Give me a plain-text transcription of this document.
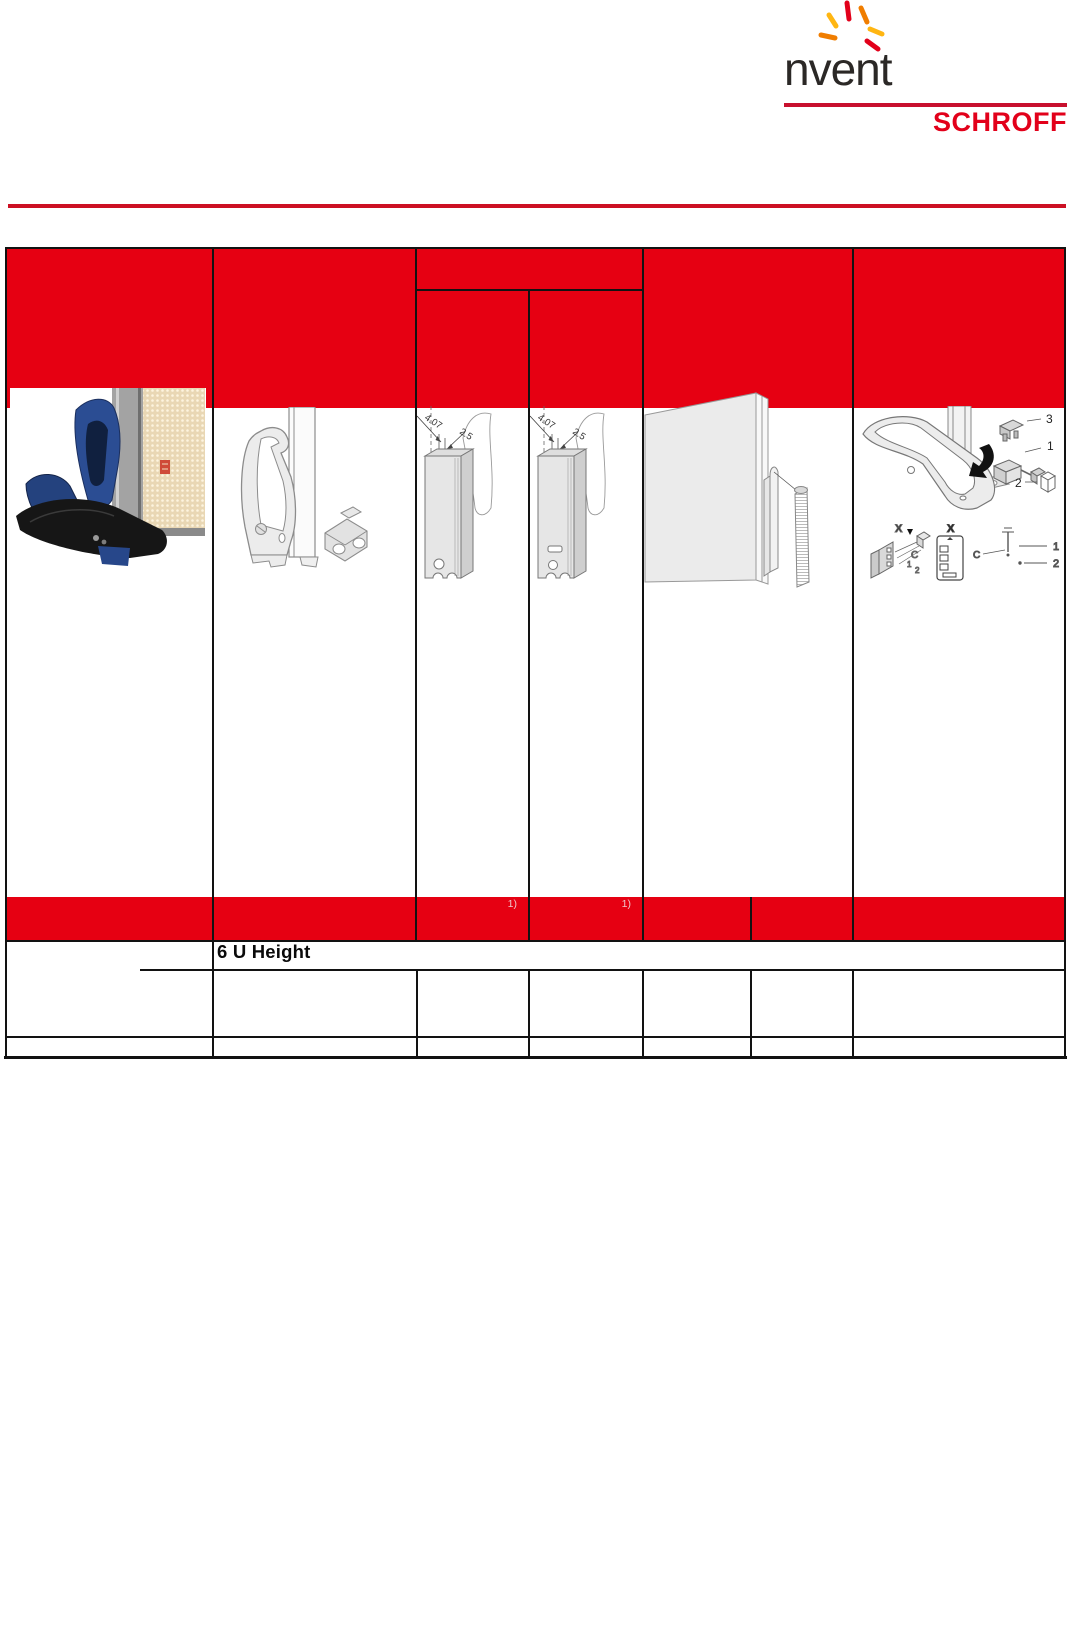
nvent
SCHROFF
1)	1)
6 U Height
4.07
2.5
4.07
2.5
3
1
2
X
C
1
2
X
C
1
2
